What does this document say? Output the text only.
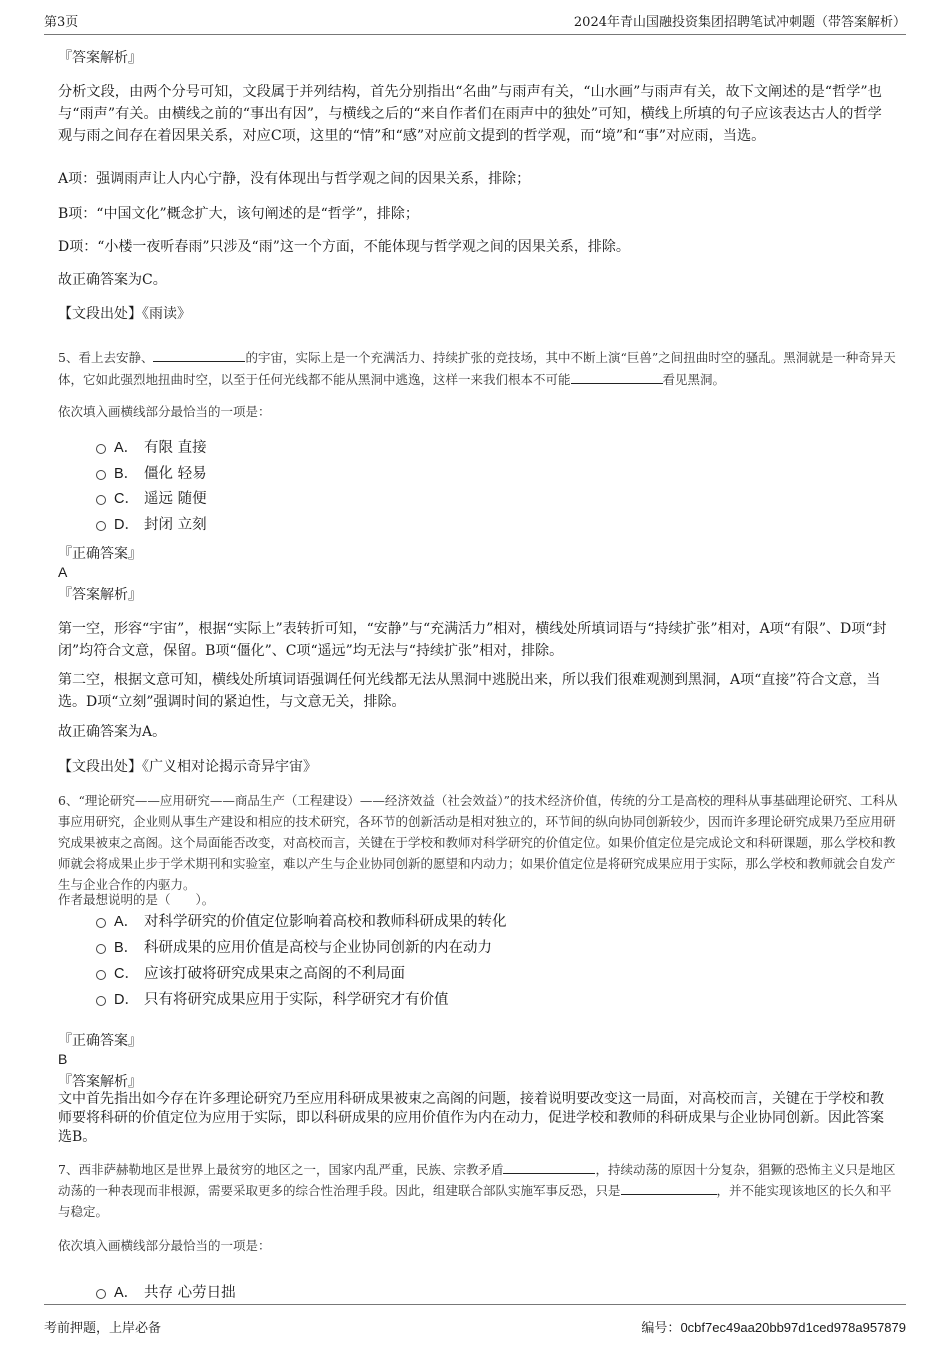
第3页	2024年青山国融投资集团招聘笔试冲刺题（带答案解析）
『答案解析』
分析文段，由两个分号可知，文段属于并列结构，首先分别指出“名曲”与雨声有关，“山水画”与雨声有关，故下文阐述的是“哲学”也与“雨声”有关。由横线之前的“事出有因”，与横线之后的“来自作者们在雨声中的独处”可知，横线上所填的句子应该表达古人的哲学观与雨之间存在着因果关系，对应C项，这里的“情”和“感”对应前文提到的哲学观，而“境”和“事”对应雨，当选。
A项：强调雨声让人内心宁静，没有体现出与哲学观之间的因果关系，排除；
B项：“中国文化”概念扩大，该句阐述的是“哲学”，排除；
D项：“小楼一夜听春雨”只涉及“雨”这一个方面，不能体现与哲学观之间的因果关系，排除。
故正确答案为C。
【文段出处】《雨读》
5、看上去安静、	的宇宙，实际上是一个充满活力、持续扩张的竞技场，其中不断上演“巨兽”之间扭曲时空的骚乱。黑洞就是一种奇异天体，它如此强烈地扭曲时空，以至于任何光线都不能从黑洞中逃逸，这样一来我们根本不可能	看见黑洞。
依次填入画横线部分最恰当的一项是：
A． 有限 直接
B． 僵化 轻易
C． 遥远 随便
D． 封闭 立刻
『正确答案』
A
『答案解析』
第一空，形容“宇宙”，根据“实际上”表转折可知，“安静”与“充满活力”相对，横线处所填词语与“持续扩张”相对，A项“有限”、D项“封闭”均符合文意，保留。B项“僵化”、C项“遥远”均无法与“持续扩张”相对，排除。
第二空，根据文意可知，横线处所填词语强调任何光线都无法从黑洞中逃脱出来，所以我们很难观测到黑洞，A项“直接”符合文意，当选。D项“立刻”强调时间的紧迫性，与文意无关，排除。
故正确答案为A。
【文段出处】《广义相对论揭示奇异宇宙》
6、“理论研究——应用研究——商品生产（工程建设）——经济效益（社会效益）”的技术经济价值，传统的分工是高校的理科从事基础理论研究、工科从事应用研究，企业则从事生产建设和相应的技术研究，各环节的创新活动是相对独立的，环节间的纵向协同创新较少，因而许多理论研究成果乃至应用研究成果被束之高阁。这个局面能否改变，对高校而言，关键在于学校和教师对科学研究的价值定位。如果价值定位是完成论文和科研课题，那么学校和教师就会将成果止步于学术期刊和实验室，难以产生与企业协同创新的愿望和内动力；如果价值定位是将研究成果应用于实际，那么学校和教师就会自发产生与企业合作的内驱力。
作者最想说明的是（　　）。
A． 对科学研究的价值定位影响着高校和教师科研成果的转化
B． 科研成果的应用价值是高校与企业协同创新的内在动力
C． 应该打破将研究成果束之高阁的不利局面
D． 只有将研究成果应用于实际，科学研究才有价值
『正确答案』
B
『答案解析』
文中首先指出如今存在许多理论研究乃至应用科研成果被束之高阁的问题，接着说明要改变这一局面，对高校而言，关键在于学校和教师要将科研的价值定位为应用于实际，即以科研成果的应用价值作为内在动力，促进学校和教师的科研成果与企业协同创新。因此答案选B。
7、西非萨赫勒地区是世界上最贫穷的地区之一，国家内乱严重，民族、宗教矛盾	，持续动荡的原因十分复杂，猖獗的恐怖主义只是地区动荡的一种表现而非根源，需要采取更多的综合性治理手段。因此，组建联合部队实施军事反恐，只是	，并不能实现该地区的长久和平与稳定。
依次填入画横线部分最恰当的一项是：
A． 共存 心劳日拙
考前押题，上岸必备	编号：0cbf7ec49aa20bb97d1ced978a957879
